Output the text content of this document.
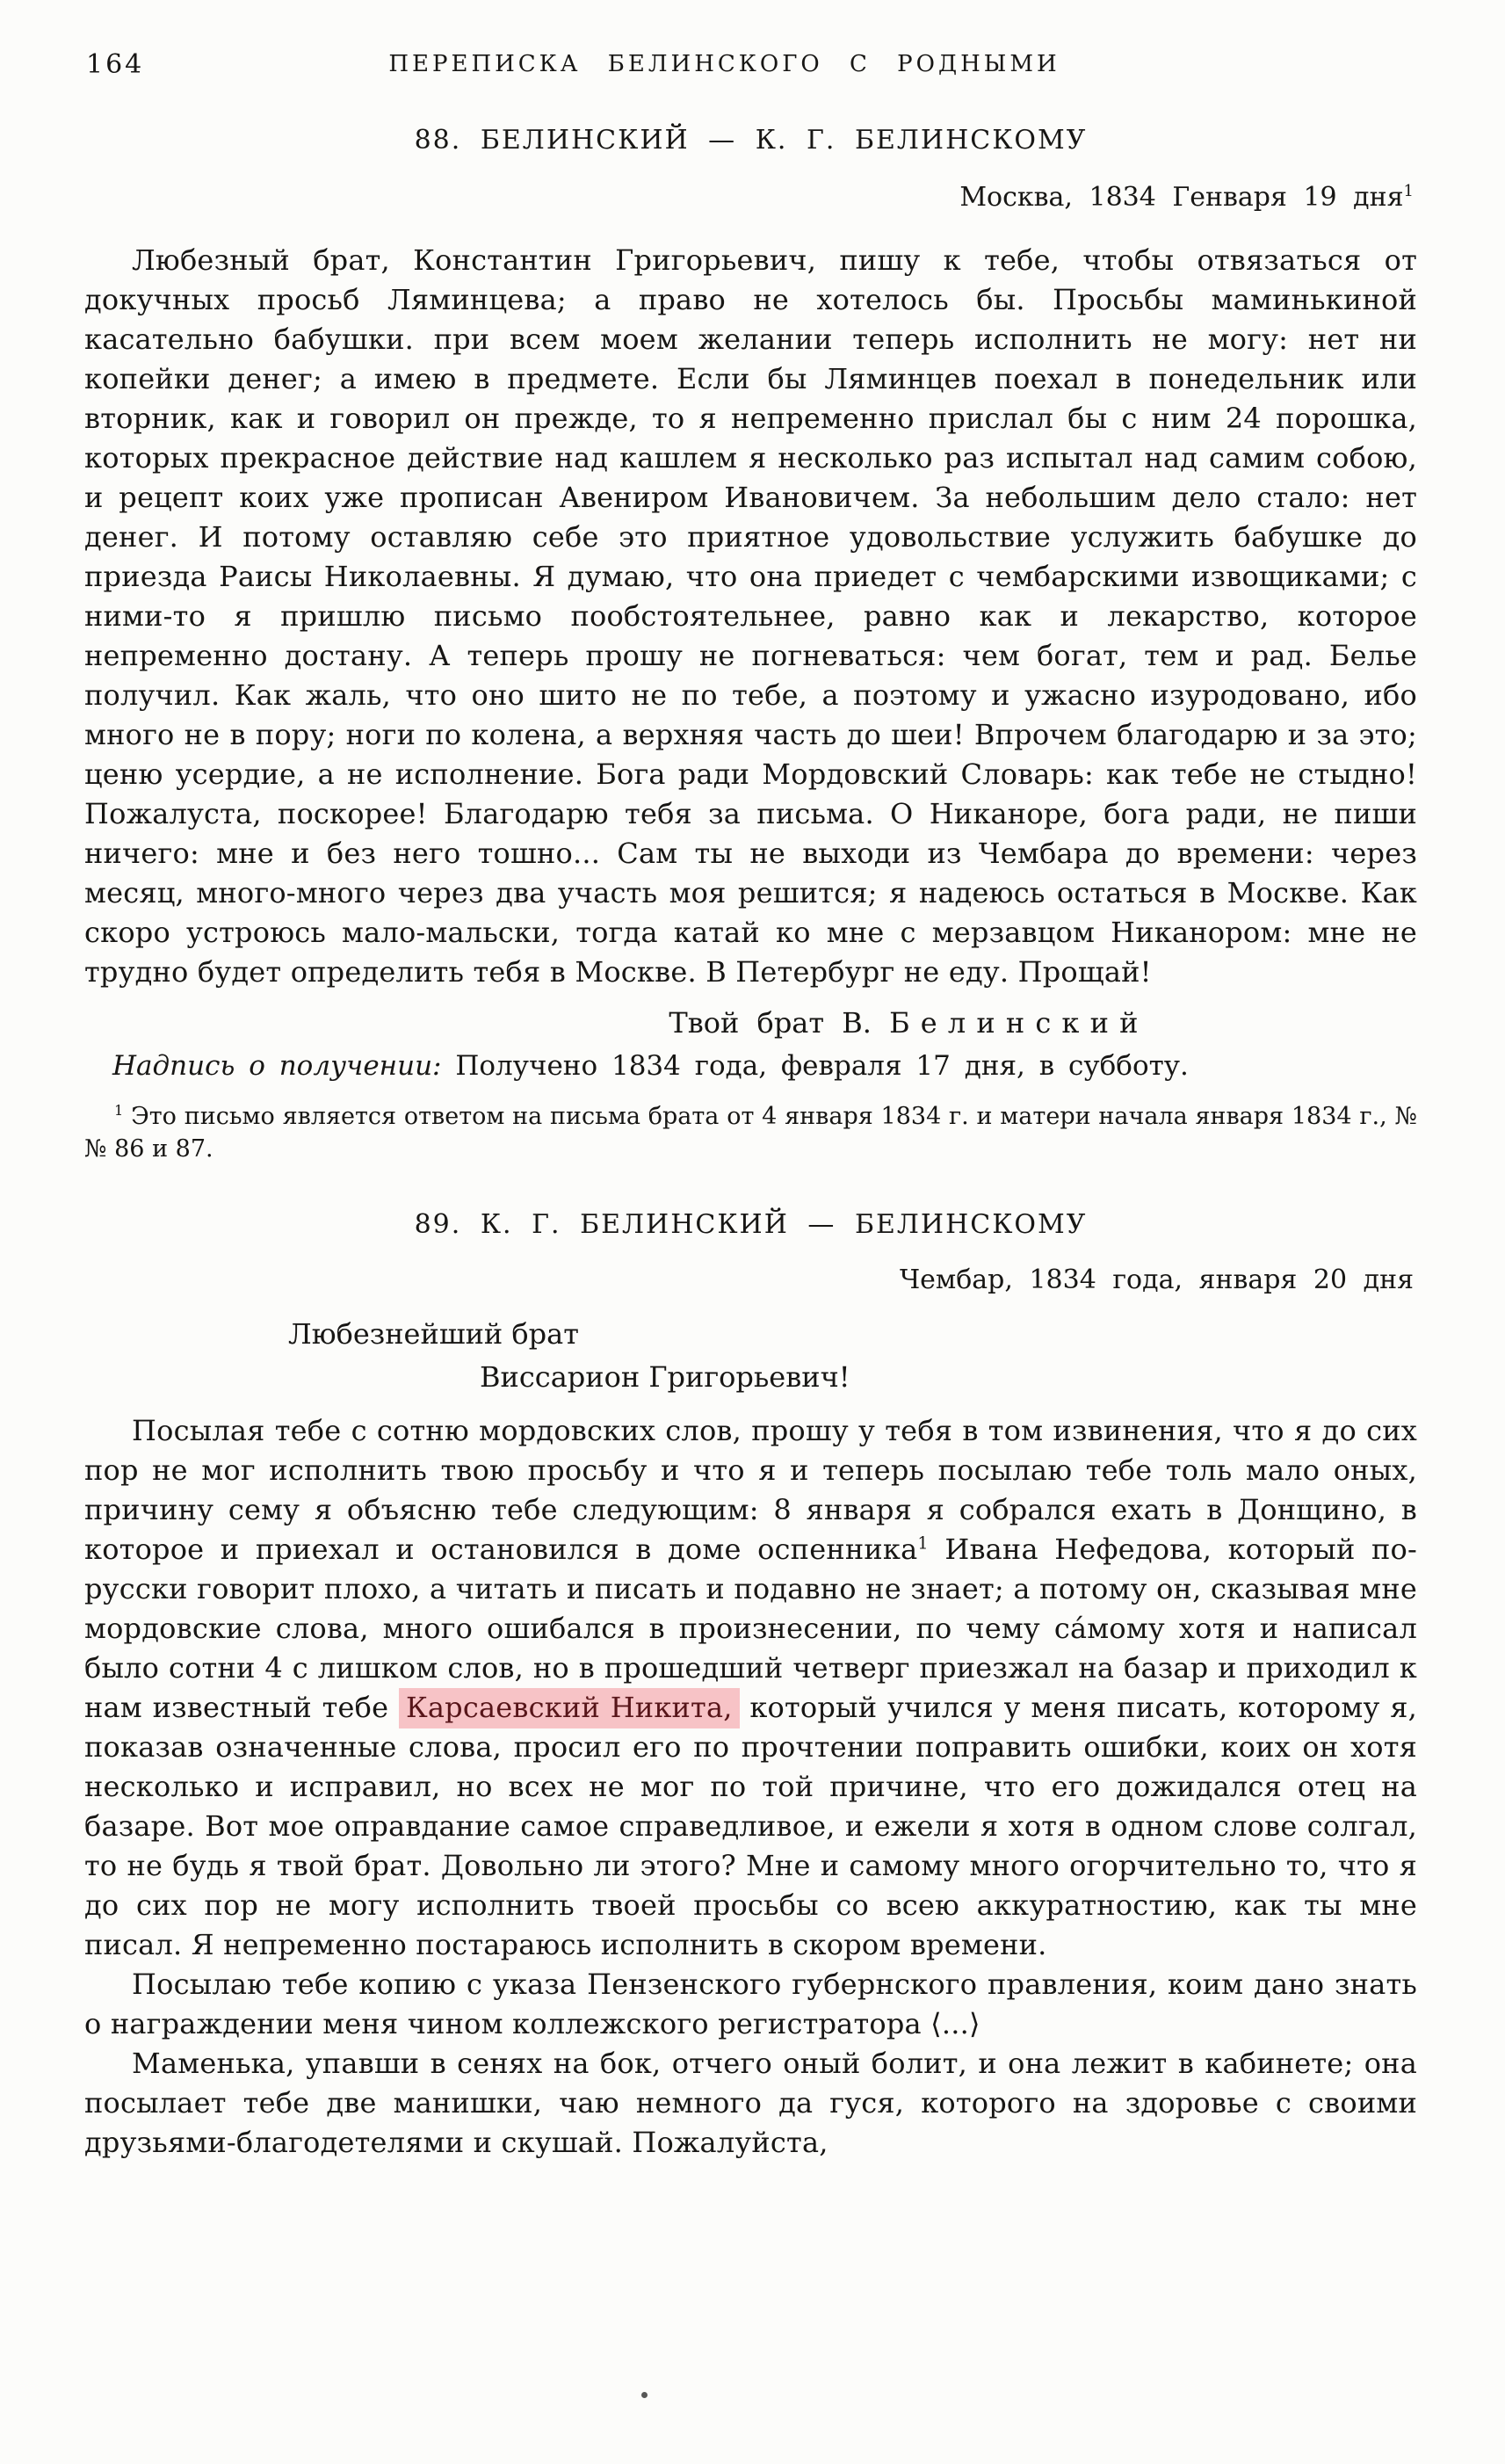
164	ПЕРЕПИСКА БЕЛИНСКОГО С РОДНЫМИ
88. БЕЛИНСКИЙ — К. Г. БЕЛИНСКОМУ
Москва, 1834 Генваря 19 дня$^1$

Любезный брат, Константин Григорьевич, пишу к тебе, чтобы отвязаться от докучных просьб Ляминцева; а право не хотелось бы. Просьбы маминькиной касательно бабушки. при всем моем желании теперь исполнить не могу: нет ни копейки денег; а имею в предмете. Если бы Ляминцев поехал в понедельник или вторник, как и говорил он прежде, то я непременно прислал бы с ним 24 порошка, которых прекрасное действие над кашлем я несколько раз испытал над самим собою, и рецепт коих уже прописан Авениром Ивановичем. За небольшим дело стало: нет денег. И потому оставляю себе это приятное удовольствие услужить бабушке до приезда Раисы Николаевны. Я думаю, что она приедет с чембарскими извощиками; с ними-то я пришлю письмо пообстоятельнее, равно как и лекарство, которое непременно достану. А теперь прошу не погневаться: чем богат, тем и рад. Белье получил. Как жаль, что оно шито не по тебе, а поэтому и ужасно изуродовано, ибо много не в пору; ноги по колена, а верхняя часть до шеи! Впрочем благодарю и за это; ценю усердие, а не исполнение. Бога ради Мордовский Словарь: как тебе не стыдно! Пожалуста, поскорее! Благодарю тебя за письма. О Никаноре, бога ради, не пиши ничего: мне и без него тошно... Сам ты не выходи из Чембара до времени: через месяц, много-много через два участь моя решится; я надеюсь остаться в Москве. Как скоро устроюсь мало-мальски, тогда катай ко мне с мерзавцом Никанором: мне не трудно будет определить тебя в Москве. В Петербург не еду. Прощай!

Твой брат В. Белинский

Надпись о получении: Получено 1834 года, февраля 17 дня, в субботу.

$^1$ Это письмо является ответом на письма брата от 4 января 1834 г. и матери начала января 1834 г., №№ 86 и 87.
89. К. Г. БЕЛИНСКИЙ — БЕЛИНСКОМУ
Чембар, 1834 года, января 20 дня
Любезнейший брат
Виссарион Григорьевич!

Посылая тебе с сотню мордовских слов, прошу у тебя в том извинения, что я до сих пор не мог исполнить твою просьбу и что я и теперь посылаю тебе толь мало оных, причину сему я объясню тебе следующим: 8 января я собрался ехать в Донщино, в которое и приехал и остановился в доме оспенника$^1$ Ивана Нефедова, который по-русски говорит плохо, а читать и писать и подавно не знает; а потому он, сказывая мне мордовские слова, много ошибался в произнесении, по чему са́мому хотя и написал было сотни 4 с лишком слов, но в прошедший четверг приезжал на базар и приходил к нам известный тебе Карсаевский Никита, который учился у меня писать, которому я, показав означенные слова, просил его по прочтении поправить ошибки, коих он хотя несколько и исправил, но всех не мог по той причине, что его дожидался отец на базаре. Вот мое оправдание самое справедливое, и ежели я хотя в одном слове солгал, то не будь я твой брат. Довольно ли этого? Мне и самому много огорчительно то, что я до сих пор не могу исполнить твоей просьбы со всею аккуратностию, как ты мне писал. Я непременно постараюсь исполнить в скором времени.

Посылаю тебе копию с указа Пензенского губернского правления, коим дано знать о награждении меня чином коллежского регистратора ⟨...⟩

Маменька, упавши в сенях на бок, отчего оный болит, и она лежит в кабинете; она посылает тебе две манишки, чаю немного да гуся, которого на здоровье с своими друзьями-благодетелями и скушай. Пожалуйста,
